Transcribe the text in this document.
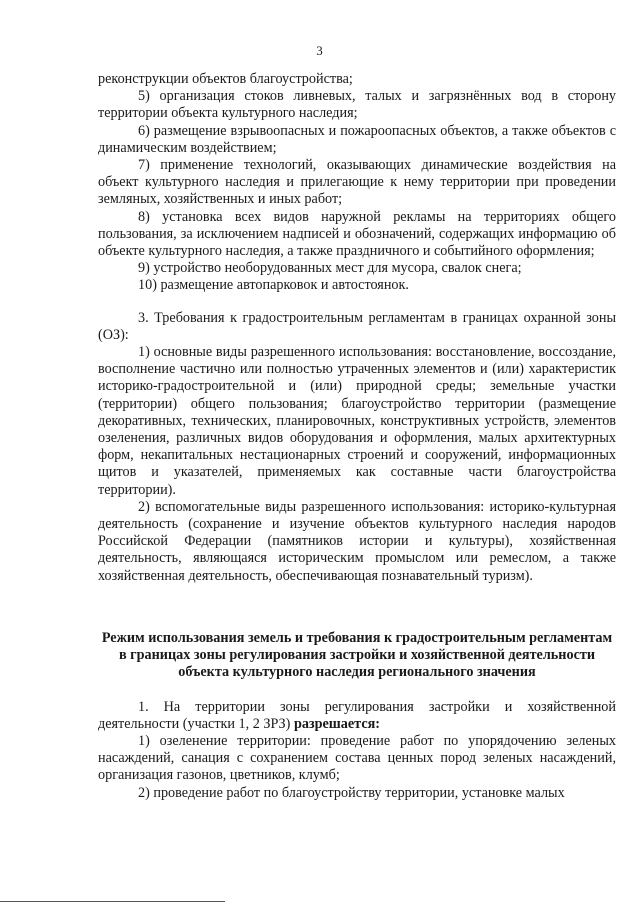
3

реконструкции объектов благоустройства;

5) организация стоков ливневых, талых и загрязнённых вод в сторону территории объекта культурного наследия;

6) размещение взрывоопасных и пожароопасных объектов, а также объектов с динамическим воздействием;

7) применение технологий, оказывающих динамические воздействия на объект культурного наследия и прилегающие к нему территории при проведении земляных, хозяйственных и иных работ;

8) установка всех видов наружной рекламы на территориях общего пользования, за исключением надписей и обозначений, содержащих информацию об объекте культурного наследия, а также праздничного и событийного оформления;

9) устройство необорудованных мест для мусора, свалок снега;

10) размещение автопарковок и автостоянок.

3. Требования к градостроительным регламентам в границах охранной зоны (ОЗ):

1) основные виды разрешенного использования: восстановление, воссоздание, восполнение частично или полностью утраченных элементов и (или) характеристик историко-градостроительной и (или) природной среды; земельные участки (территории) общего пользования; благоустройство территории (размещение декоративных, технических, планировочных, конструктивных устройств, элементов озеленения, различных видов оборудования и оформления, малых архитектурных форм, некапитальных нестационарных строений и сооружений, информационных щитов и указателей, применяемых как составные части благоустройства территории).

2) вспомогательные виды разрешенного использования: историко-культурная деятельность (сохранение и изучение объектов культурного наследия народов Российской Федерации (памятников истории и культуры), хозяйственная деятельность, являющаяся историческим промыслом или ремеслом, а также хозяйственная деятельность, обеспечивающая познавательный туризм).

Режим использования земель и требования к градостроительным регламентам в границах зоны регулирования застройки и хозяйственной деятельности объекта культурного наследия регионального значения

1. На территории зоны регулирования застройки и хозяйственной деятельности (участки 1, 2 ЗРЗ) разрешается:

1) озеленение территории: проведение работ по упорядочению зеленых насаждений, санация с сохранением состава ценных пород зеленых насаждений, организация газонов, цветников, клумб;

2) проведение работ по благоустройству территории, установке малых
